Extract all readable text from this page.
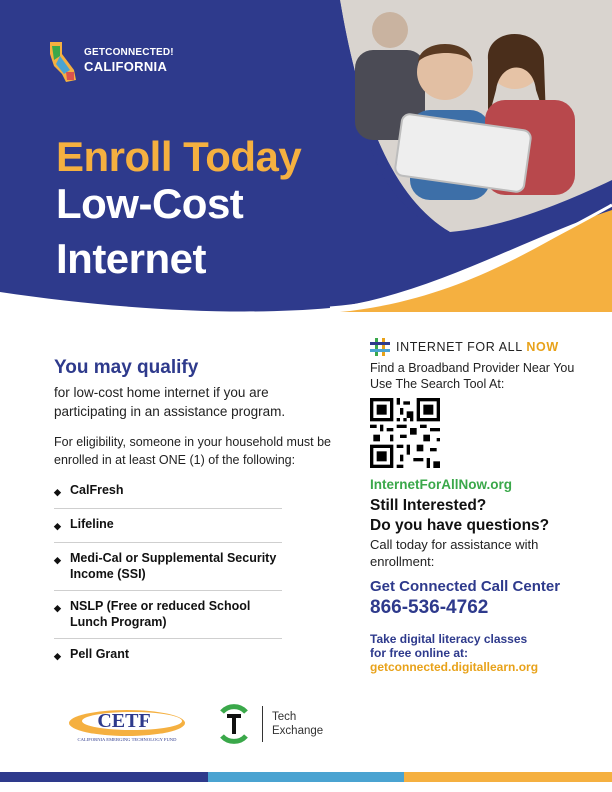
GETCONNECTED!
CALIFORNIA
Enroll Today
Low-Cost
Internet
You may qualify
for low-cost home internet if you are participating in an assistance program.
For eligibility, someone in your household must be enrolled in at least ONE (1) of the following:
◆ CalFresh
◆ Lifeline
◆ Medi-Cal or Supplemental Security Income (SSI)
◆ NSLP (Free or reduced School Lunch Program)
◆ Pell Grant
INTERNET FOR ALL NOW
Find a Broadband Provider Near You Use The Search Tool At:
InternetForAllNow.org
Still Interested?
Do you have questions?
Call today for assistance with enrollment:
Get Connected Call Center
866-536-4762
Take digital literacy classes for free online at:
getconnected.digitallearn.org
CETF
CALIFORNIA EMERGING TECHNOLOGY FUND
Tech
Exchange
